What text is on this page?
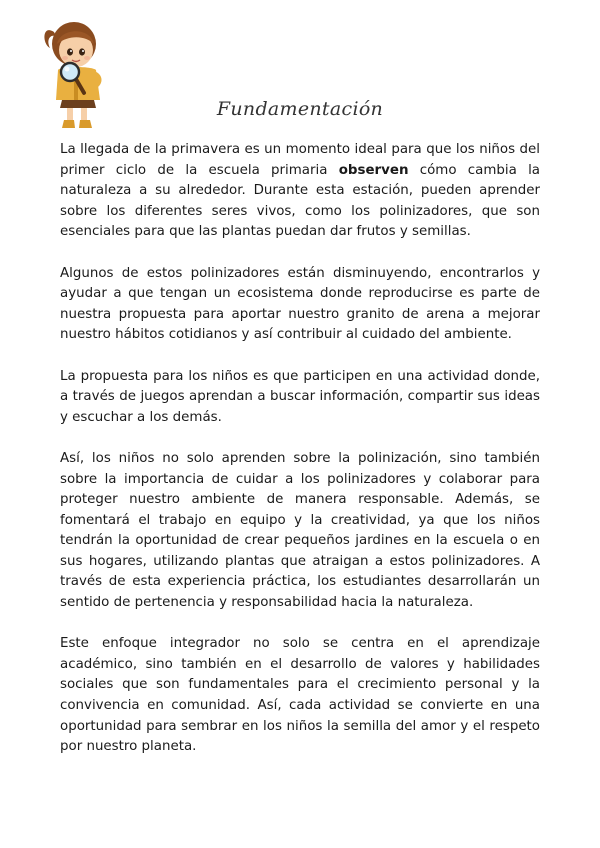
Fundamentación

La llegada de la primavera es un momento ideal para que los niños del primer ciclo de la escuela primaria observen cómo cambia la naturaleza a su alrededor. Durante esta estación, pueden aprender sobre los diferentes seres vivos, como los polinizadores, que son esenciales para que las plantas puedan dar frutos y semillas.

Algunos de estos polinizadores están disminuyendo, encontrarlos y ayudar a que tengan un ecosistema donde reproducirse es parte de nuestra propuesta para aportar nuestro granito de arena a mejorar nuestro hábitos cotidianos y así contribuir al cuidado del ambiente.

La propuesta para los niños es que participen en una actividad donde, a través de juegos aprendan a buscar información, compartir sus ideas y escuchar a los demás.

Así, los niños no solo aprenden sobre la polinización, sino también sobre la importancia de cuidar a los polinizadores y colaborar para proteger nuestro ambiente de manera responsable. Además, se fomentará el trabajo en equipo y la creatividad, ya que los niños tendrán la oportunidad de crear pequeños jardines en la escuela o en sus hogares, utilizando plantas que atraigan a estos polinizadores. A través de esta experiencia práctica, los estudiantes desarrollarán un sentido de pertenencia y responsabilidad hacia la naturaleza.

Este enfoque integrador no solo se centra en el aprendizaje académico, sino también en el desarrollo de valores y habilidades sociales que son fundamentales para el crecimiento personal y la convivencia en comunidad. Así, cada actividad se convierte en una oportunidad para sembrar en los niños la semilla del amor y el respeto por nuestro planeta.
